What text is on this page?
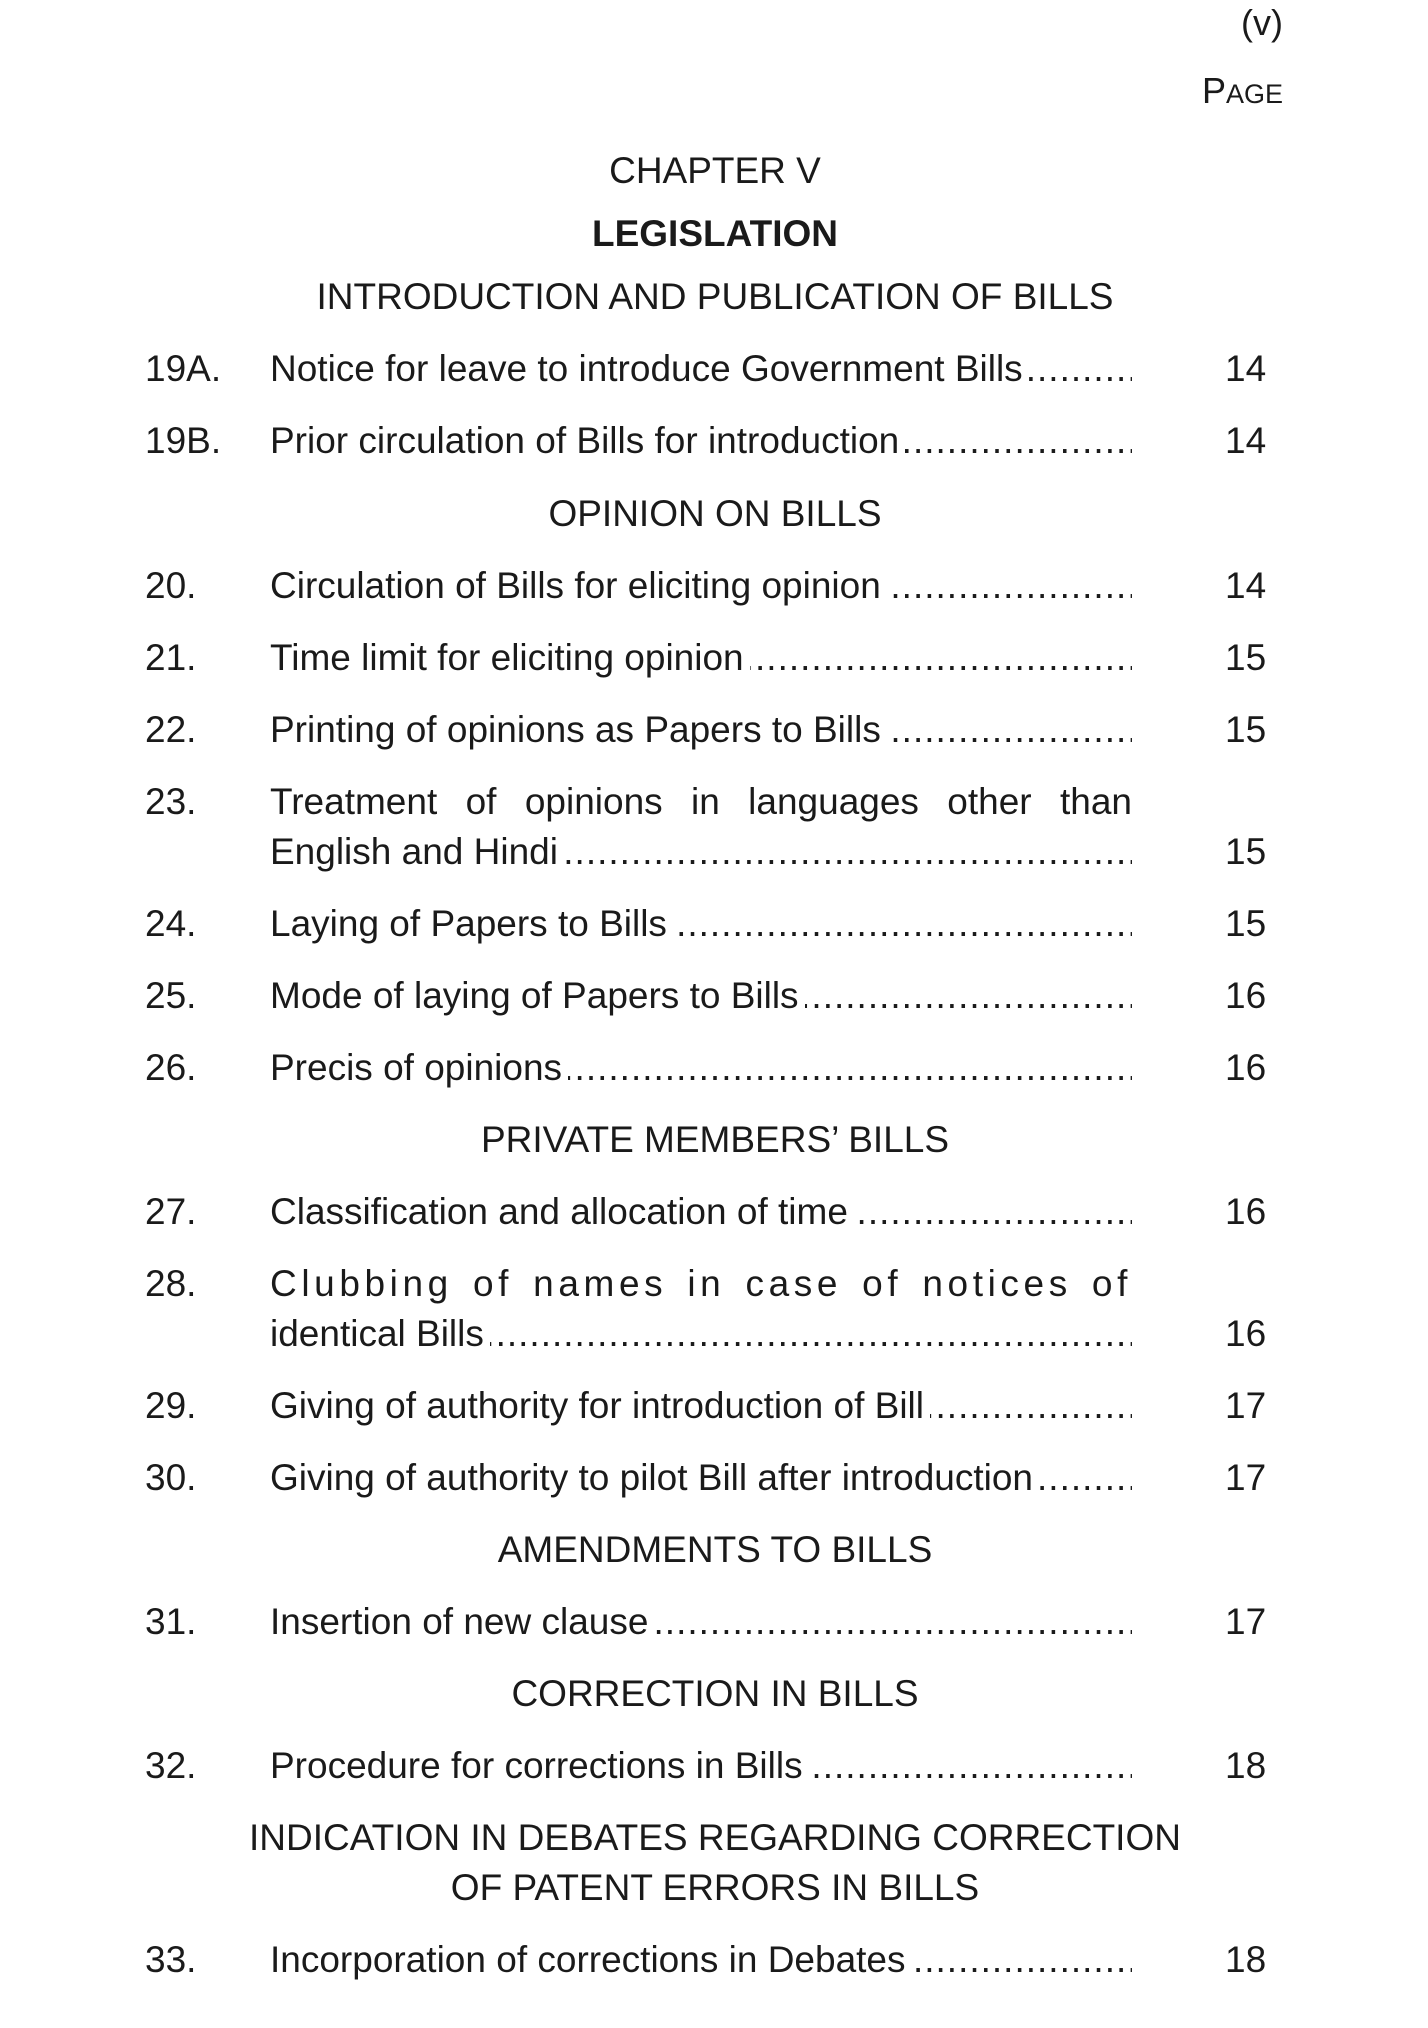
(v)
PAGE
CHAPTER V
LEGISLATION
INTRODUCTION AND PUBLICATION OF BILLS
19A. Notice for leave to introduce Government Bills .....	14
19B. Prior circulation of Bills for introduction .....	14
OPINION ON BILLS
20. Circulation of Bills for eliciting opinion .....	14
21. Time limit for eliciting opinion .....	15
22. Printing of opinions as Papers to Bills .....	15
23. Treatment of opinions in languages other than
English and Hindi .....	15
24. Laying of Papers to Bills .....	15
25. Mode of laying of Papers to Bills .....	16
26. Precis of opinions .....	16
PRIVATE MEMBERS’ BILLS
27. Classification and allocation of time .....	16
28. Clubbing of names in case of notices of
identical Bills .....	16
29. Giving of authority for introduction of Bill .....	17
30. Giving of authority to pilot Bill after introduction .....	17
AMENDMENTS TO BILLS
31. Insertion of new clause .....	17
CORRECTION IN BILLS
32. Procedure for corrections in Bills .....	18
INDICATION IN DEBATES REGARDING CORRECTION
OF PATENT ERRORS IN BILLS
33. Incorporation of corrections in Debates .....	18
